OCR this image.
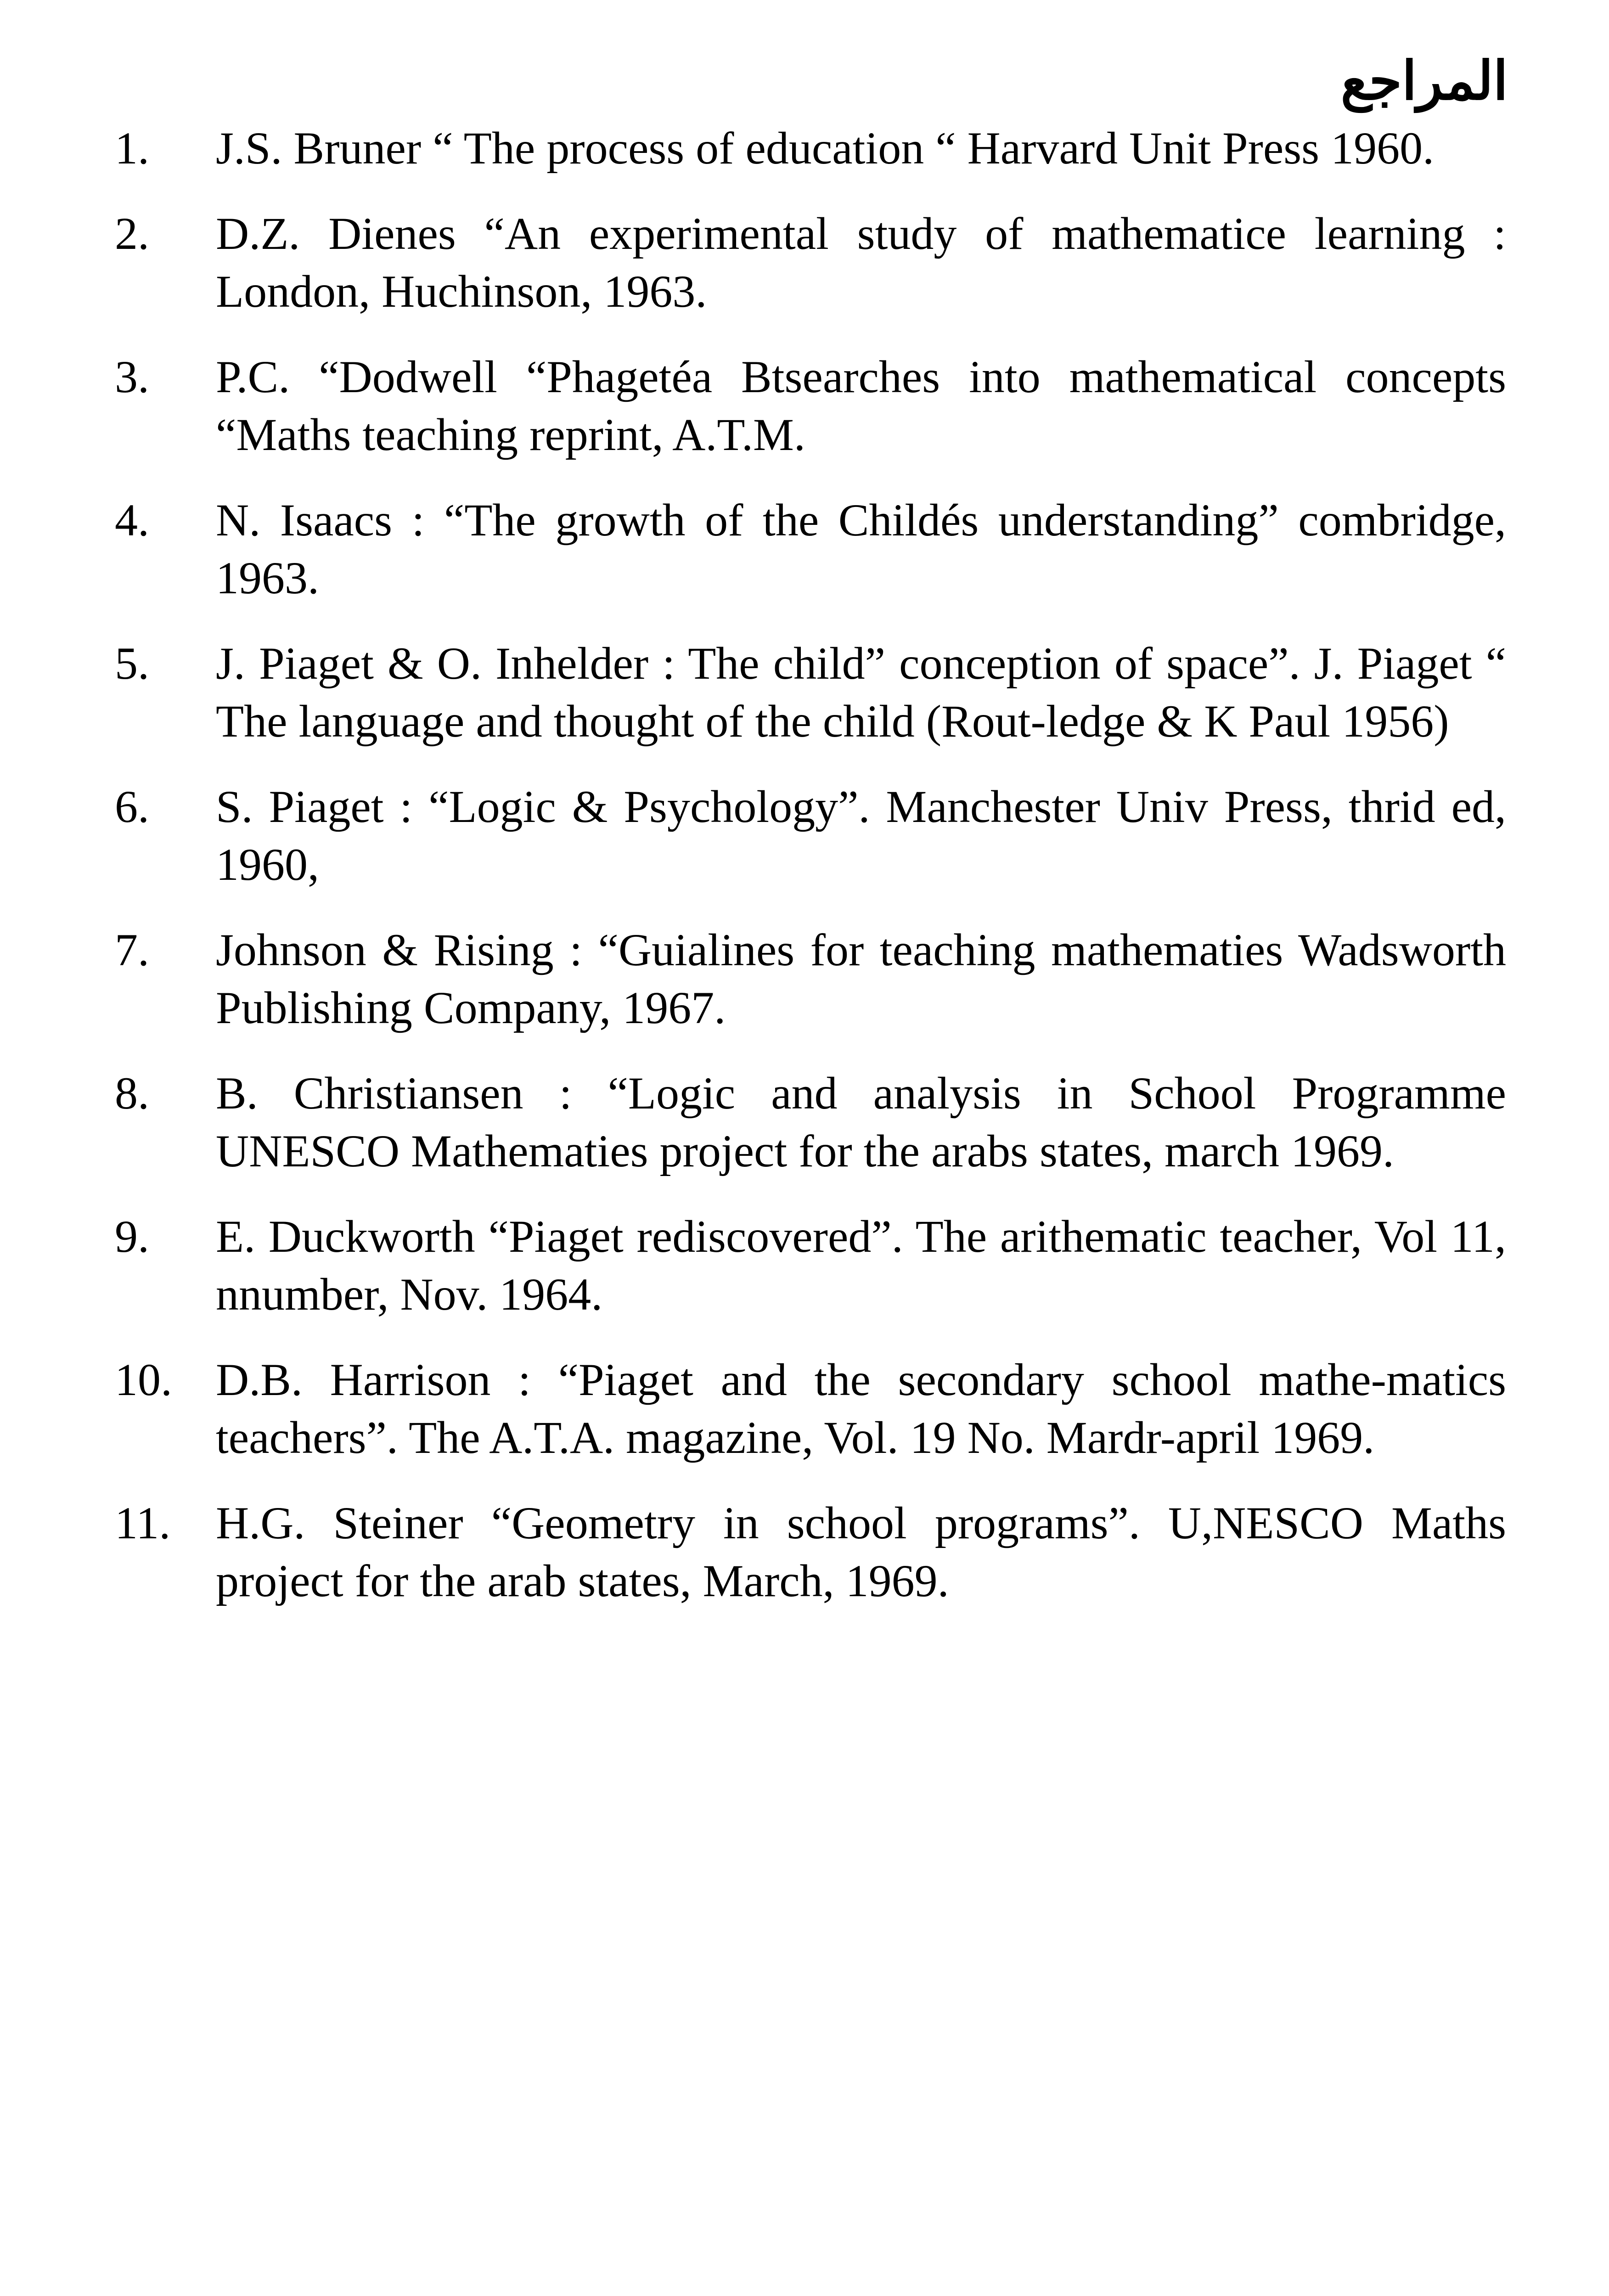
المراجع
1.	J.S. Bruner “ The process of education “ Harvard Unit Press 1960.
2.	D.Z. Dienes “An experimental study of mathematice learning : London, Huchinson, 1963.
3.	P.C. “Dodwell “Phagetéa Btsearches into mathematical concepts “Maths teaching reprint, A.T.M.
4.	N. Isaacs : “The growth of the Childés understanding” combridge, 1963.
5.	J. Piaget & O. Inhelder : The child” conception of space”. J. Piaget “ The language and thought of the child (Rout-ledge & K Paul 1956)
6.	S. Piaget : “Logic & Psychology”. Manchester Univ Press, thrid ed, 1960,
7.	Johnson & Rising : “Guialines for teaching mathematies Wadsworth Publishing Company, 1967.
8.	B. Christiansen : “Logic and analysis in School Programme UNESCO Mathematies project for the arabs states, march 1969.
9.	E. Duckworth “Piaget rediscovered”. The arithematic teacher, Vol 11, nnumber, Nov. 1964.
10. D.B. Harrison : “Piaget and the secondary school mathe-matics teachers”. The A.T.A. magazine, Vol. 19 No. Mardr-april 1969.
11. H.G. Steiner “Geometry in school programs”. U,NESCO Maths project for the arab states, March, 1969.
